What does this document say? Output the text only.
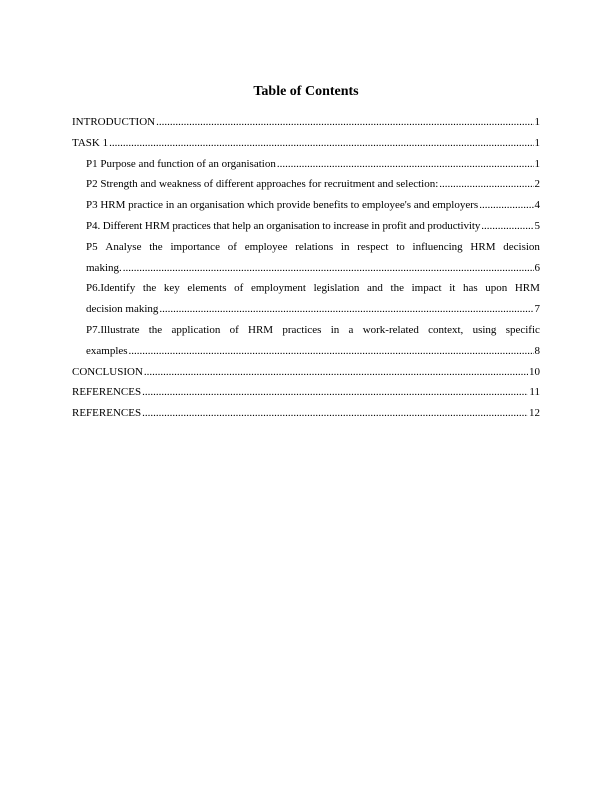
Table of Contents
INTRODUCTION .....	1
TASK 1 .....	1
P1 Purpose and function of an organisation .....	1
P2 Strength and weakness of different approaches for recruitment and selection: .....	2
P3 HRM practice in an organisation which provide benefits to employee's and employers .....	4
P4. Different HRM practices that help an organisation to increase in profit and productivity .....	5
P5 Analyse the importance of employee relations in respect to influencing HRM decision
making. .....	6
P6.Identify the key elements of employment legislation and the impact it has upon HRM
decision making .....	7
P7.Illustrate the application of HRM practices in a work-related context, using specific
examples .....	8
CONCLUSION .....	10
REFERENCES .....	11
REFERENCES .....	12
